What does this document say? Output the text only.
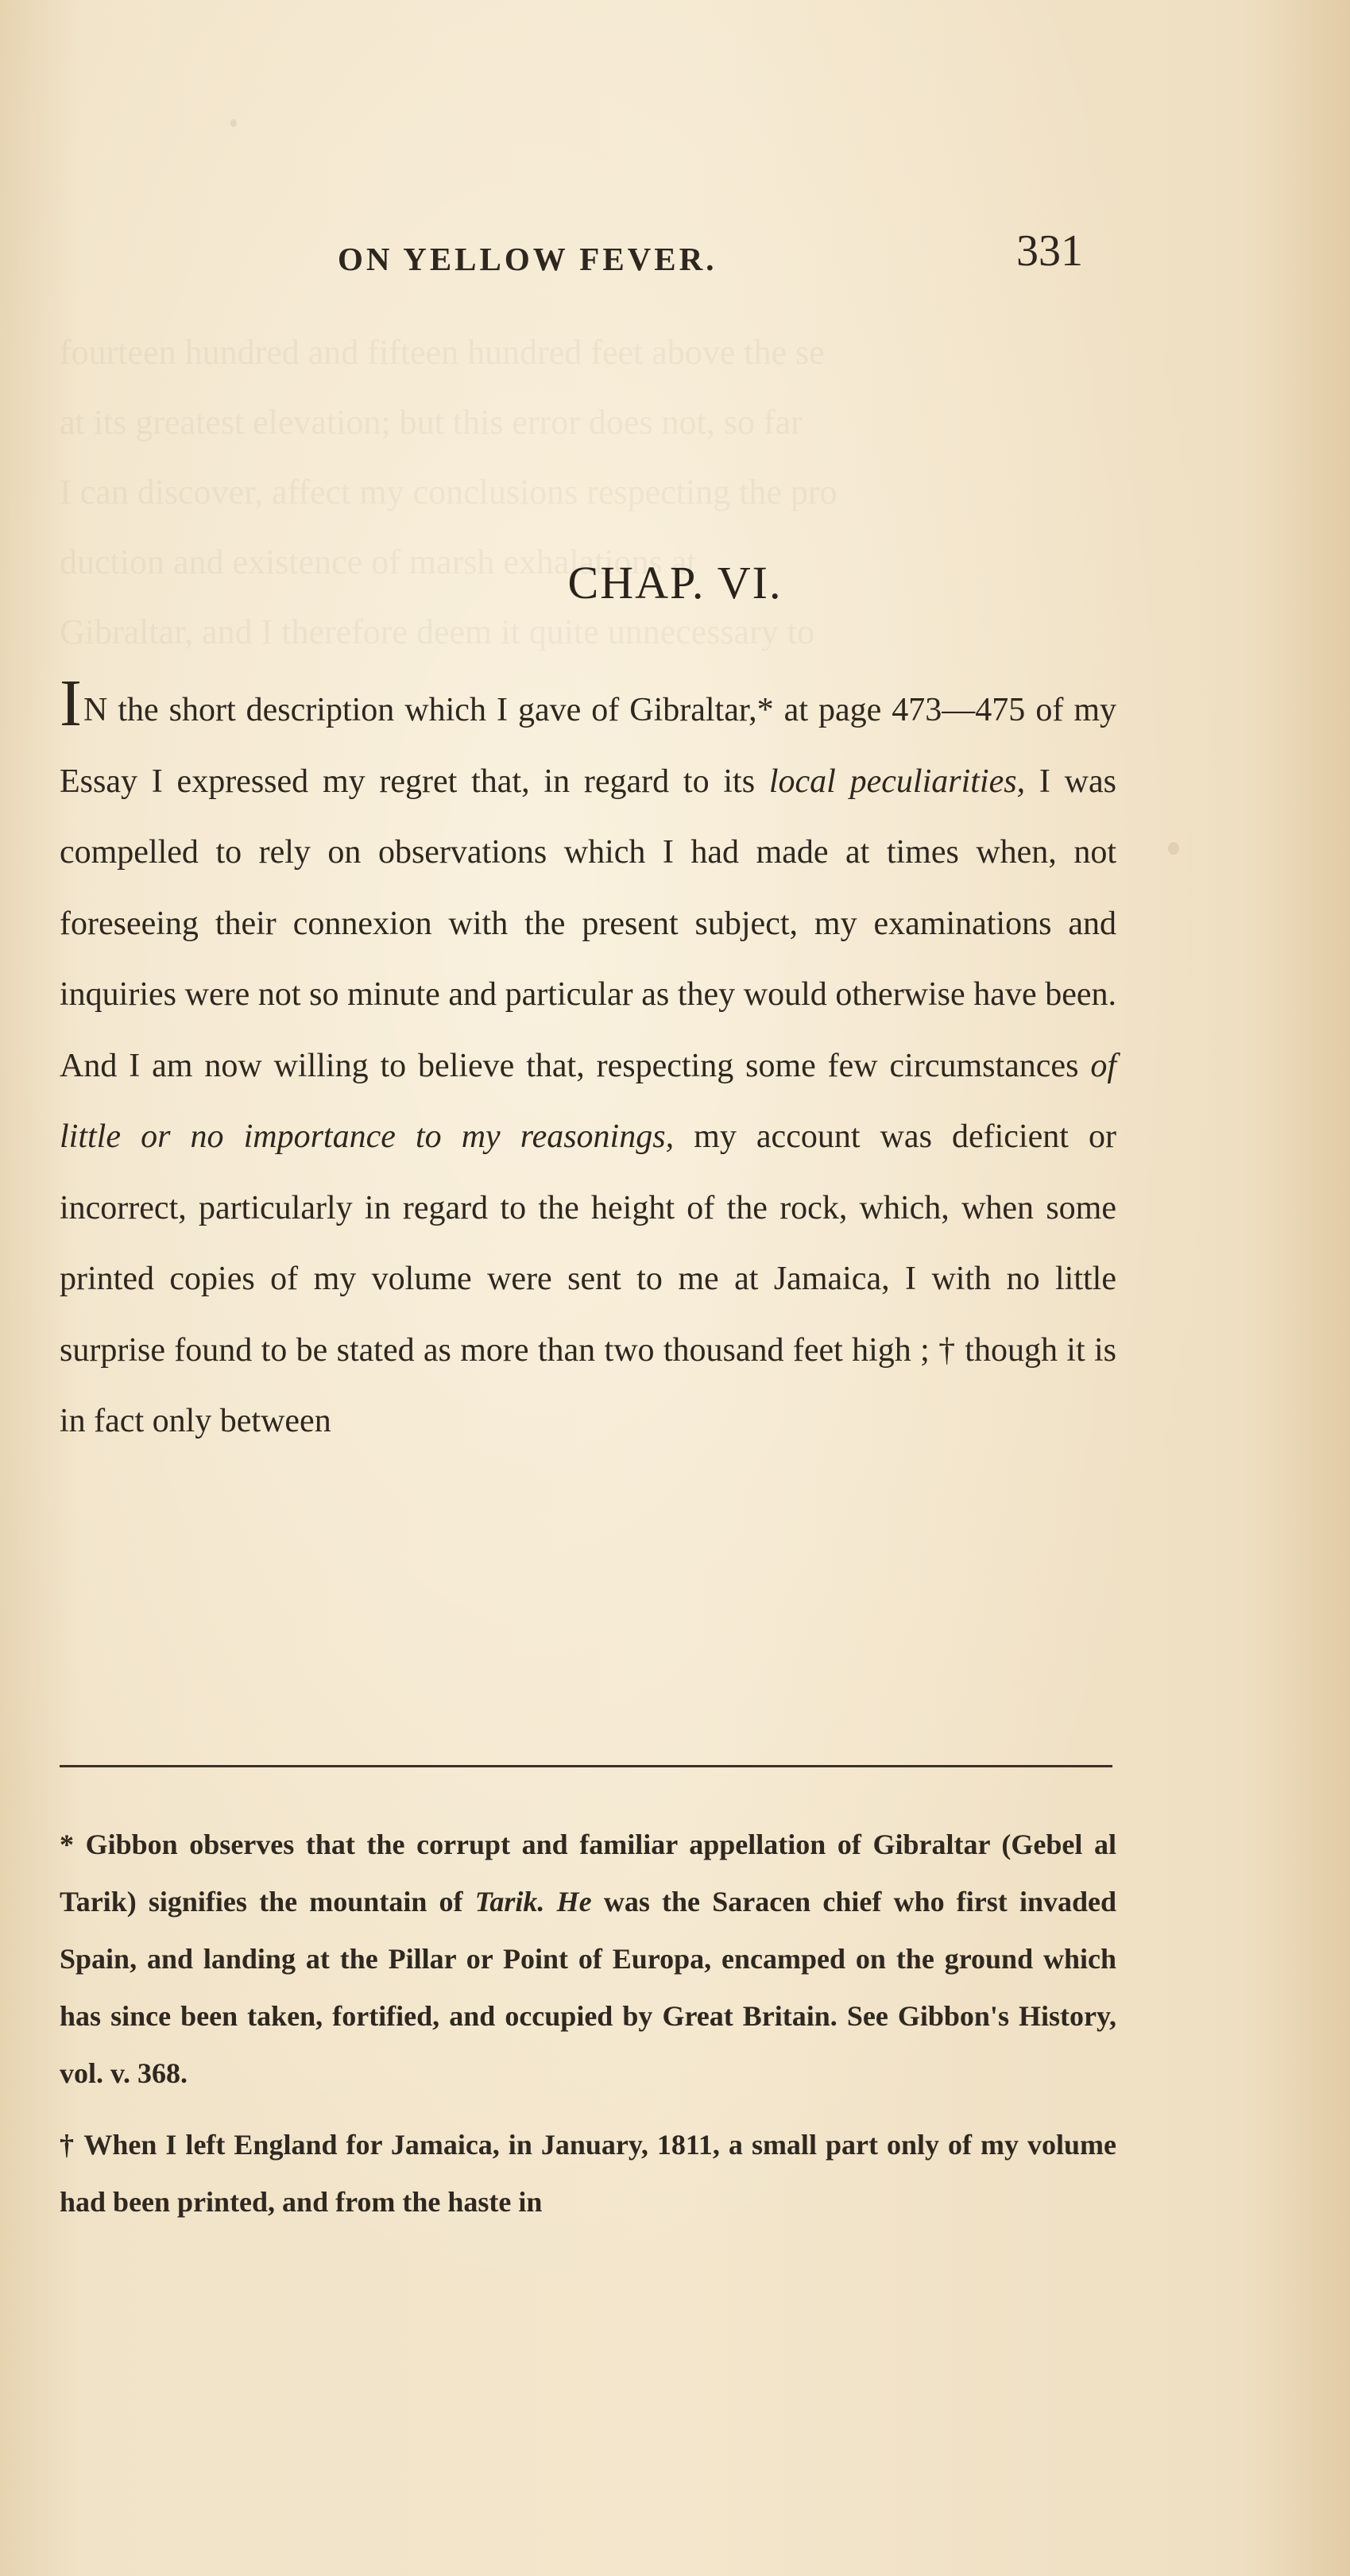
fourteen hundred and fifteen hundred feet above the se
at its greatest elevation; but this error does not, so far
I can discover, affect my conclusions respecting the pro
duction and existence of marsh exhalations at
Gibraltar, and I therefore deem it quite unnecessary to
ON YELLOW FEVER.	331
CHAP. VI.
IN the short description which I gave of Gibraltar,* at page 473—475 of my Essay I expressed my regret that, in regard to its local peculiarities, I was compelled to rely on observations which I had made at times when, not foreseeing their connexion with the present subject, my examinations and inquiries were not so minute and particular as they would otherwise have been. And I am now willing to believe that, respecting some few circumstances of little or no importance to my reasonings, my account was deficient or incorrect, particularly in regard to the height of the rock, which, when some printed copies of my volume were sent to me at Jamaica, I with no little surprise found to be stated as more than two thousand feet high ; † though it is in fact only between

* Gibbon observes that the corrupt and familiar appellation of Gibraltar (Gebel al Tarik) signifies the mountain of Tarik. He was the Saracen chief who first invaded Spain, and landing at the Pillar or Point of Europa, encamped on the ground which has since been taken, fortified, and occupied by Great Britain. See Gibbon's History, vol. v. 368.

† When I left England for Jamaica, in January, 1811, a small part only of my volume had been printed, and from the haste in
